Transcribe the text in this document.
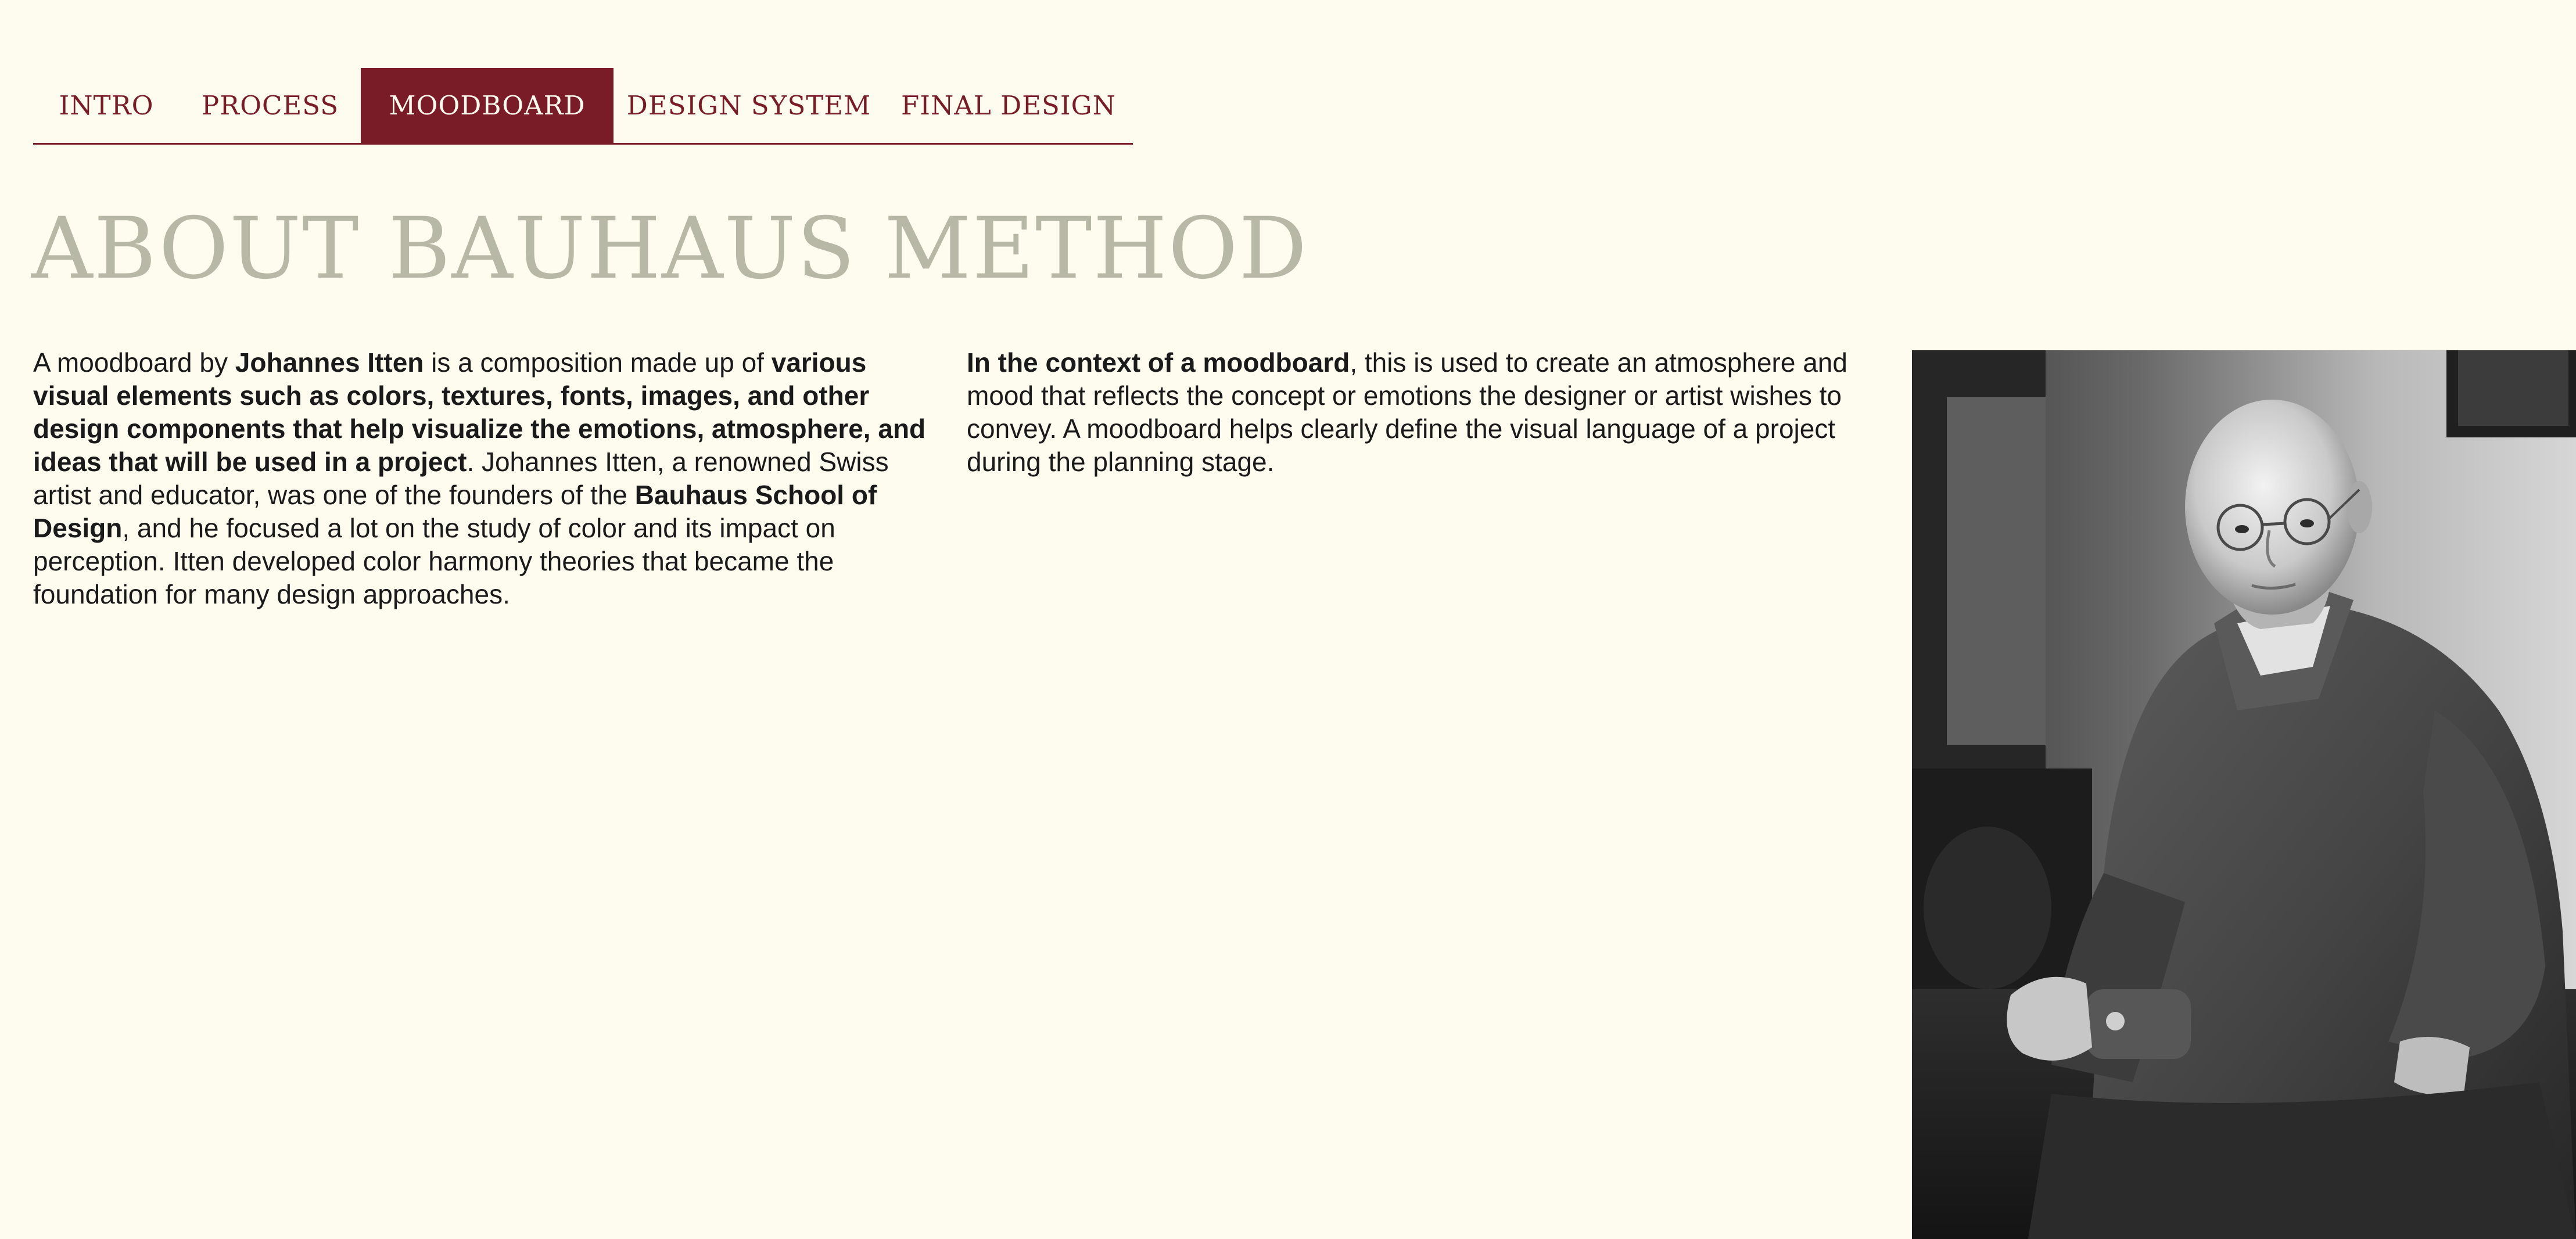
INTRO	PROCESS	MOODBOARD	DESIGN SYSTEM	FINAL DESIGN
ABOUT BAUHAUS METHOD

A moodboard by Johannes Itten is a composition made up of various visual elements such as colors, textures, fonts, images, and other design components that help visualize the emotions, atmosphere, and ideas that will be used in a project. Johannes Itten, a renowned Swiss artist and educator, was one of the founders of the Bauhaus School of Design, and he focused a lot on the study of color and its impact on perception. Itten developed color harmony theories that became the foundation for many design approaches.

In the context of a moodboard, this is used to create an atmosphere and mood that reflects the concept or emotions the designer or artist wishes to convey. A moodboard helps clearly define the visual language of a project during the planning stage.
